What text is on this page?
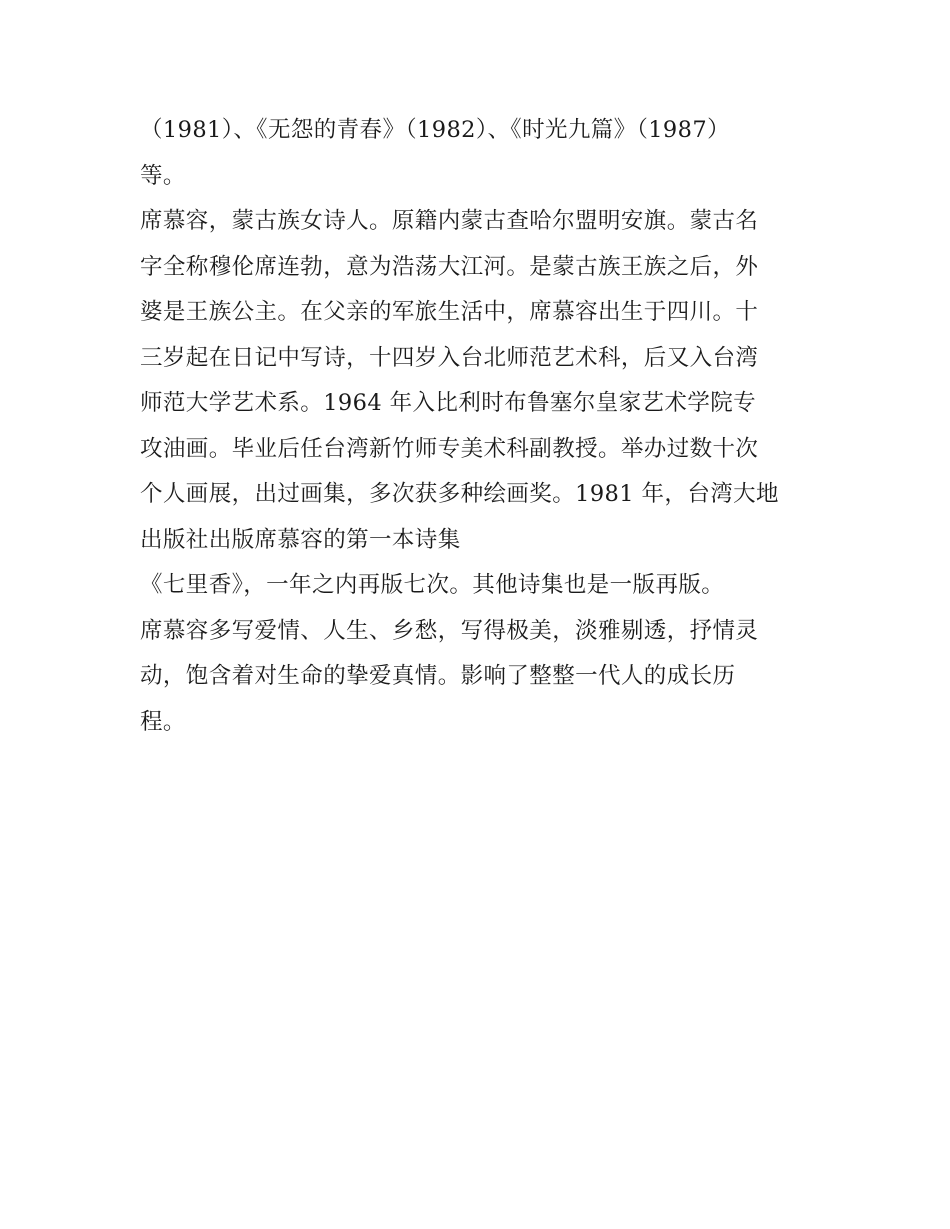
（1981）、《无怨的青春》（1982）、《时光九篇》（1987）
等。
席慕容，蒙古族女诗人。原籍内蒙古查哈尔盟明安旗。蒙古名
字全称穆伦席连勃，意为浩荡大江河。是蒙古族王族之后，外
婆是王族公主。在父亲的军旅生活中，席慕容出生于四川。十
三岁起在日记中写诗，十四岁入台北师范艺术科，后又入台湾
师范大学艺术系。1964 年入比利时布鲁塞尔皇家艺术学院专
攻油画。毕业后任台湾新竹师专美术科副教授。举办过数十次
个人画展，出过画集，多次获多种绘画奖。1981 年，台湾大地
出版社出版席慕容的第一本诗集
《七里香》，一年之内再版七次。其他诗集也是一版再版。
席慕容多写爱情、人生、乡愁，写得极美，淡雅剔透，抒情灵
动，饱含着对生命的挚爱真情。影响了整整一代人的成长历
程。
